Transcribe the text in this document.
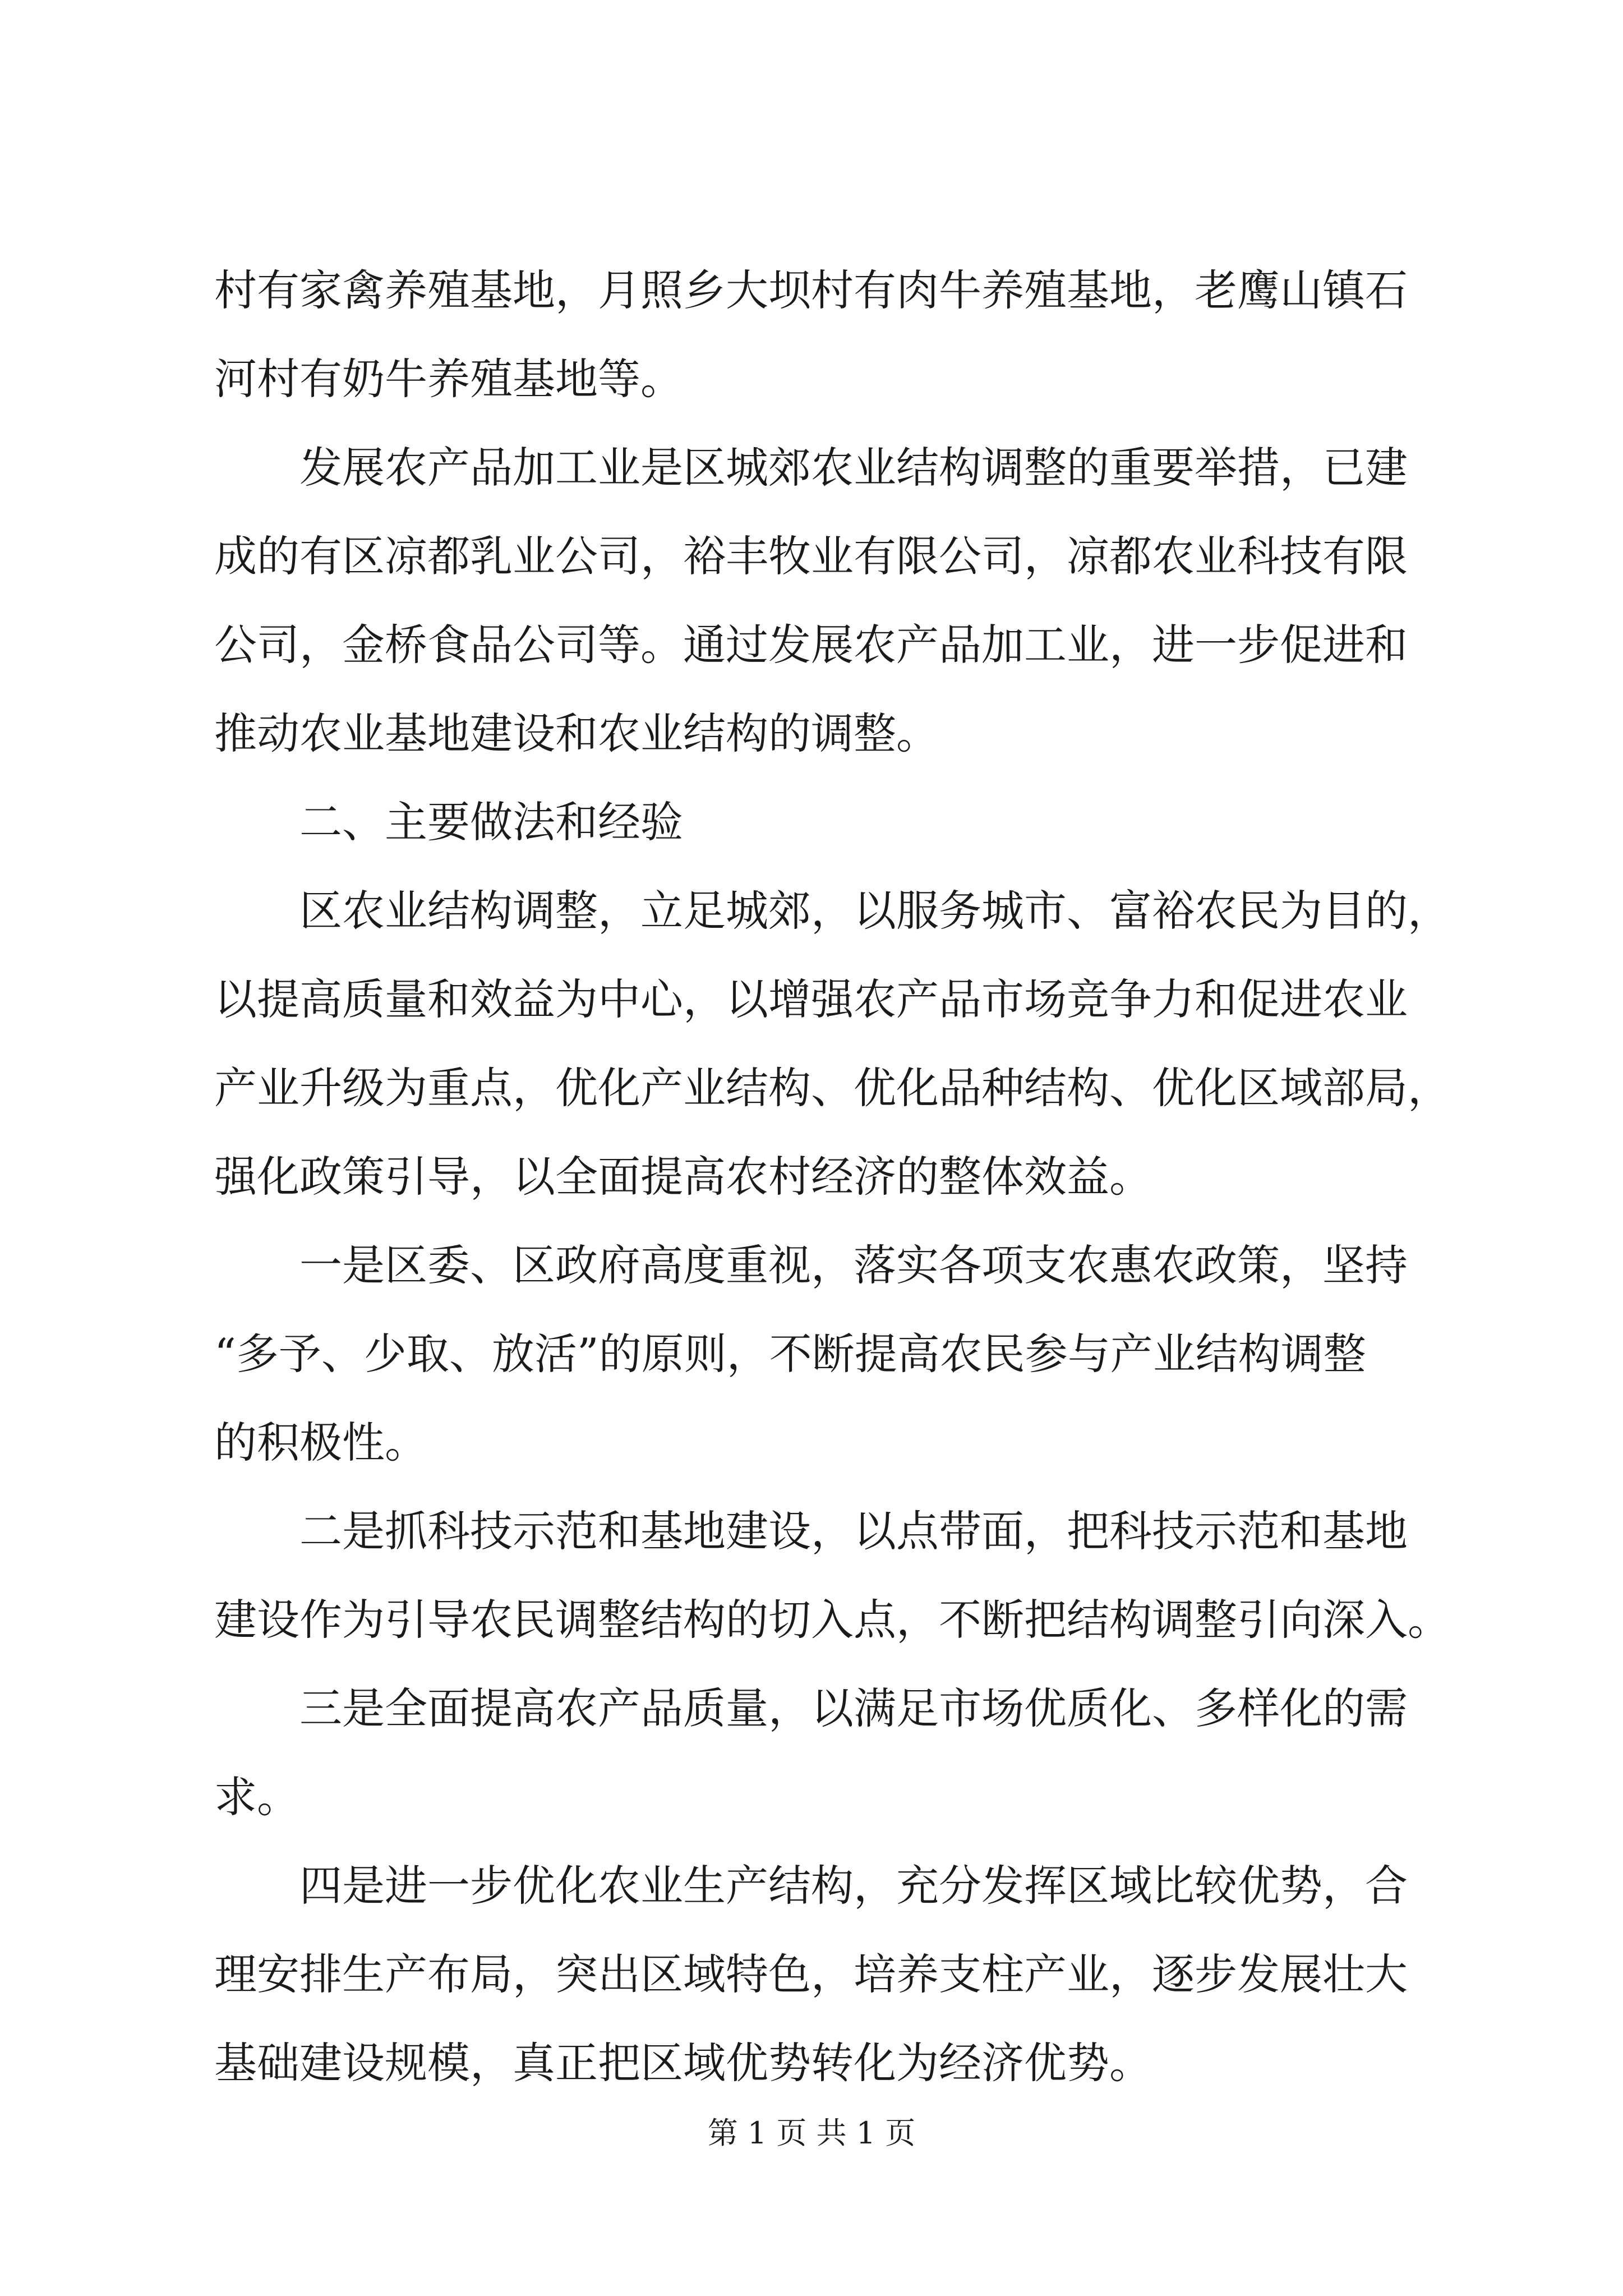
村有家禽养殖基地，月照乡大坝村有肉牛养殖基地，老鹰山镇石
河村有奶牛养殖基地等。
发展农产品加工业是区城郊农业结构调整的重要举措，已建
成的有区凉都乳业公司，裕丰牧业有限公司，凉都农业科技有限
公司，金桥食品公司等。通过发展农产品加工业，进一步促进和
推动农业基地建设和农业结构的调整。
二、主要做法和经验
区农业结构调整，立足城郊，以服务城市、富裕农民为目的，
以提高质量和效益为中心，以增强农产品市场竞争力和促进农业
产业升级为重点，优化产业结构、优化品种结构、优化区域部局，
强化政策引导，以全面提高农村经济的整体效益。
一是区委、区政府高度重视，落实各项支农惠农政策，坚持
“多予、少取、放活”的原则，不断提高农民参与产业结构调整
的积极性。
二是抓科技示范和基地建设，以点带面，把科技示范和基地
建设作为引导农民调整结构的切入点，不断把结构调整引向深入。
三是全面提高农产品质量，以满足市场优质化、多样化的需
求。
四是进一步优化农业生产结构，充分发挥区域比较优势，合
理安排生产布局，突出区域特色，培养支柱产业，逐步发展壮大
基础建设规模，真正把区域优势转化为经济优势。
第 1 页 共 1 页
